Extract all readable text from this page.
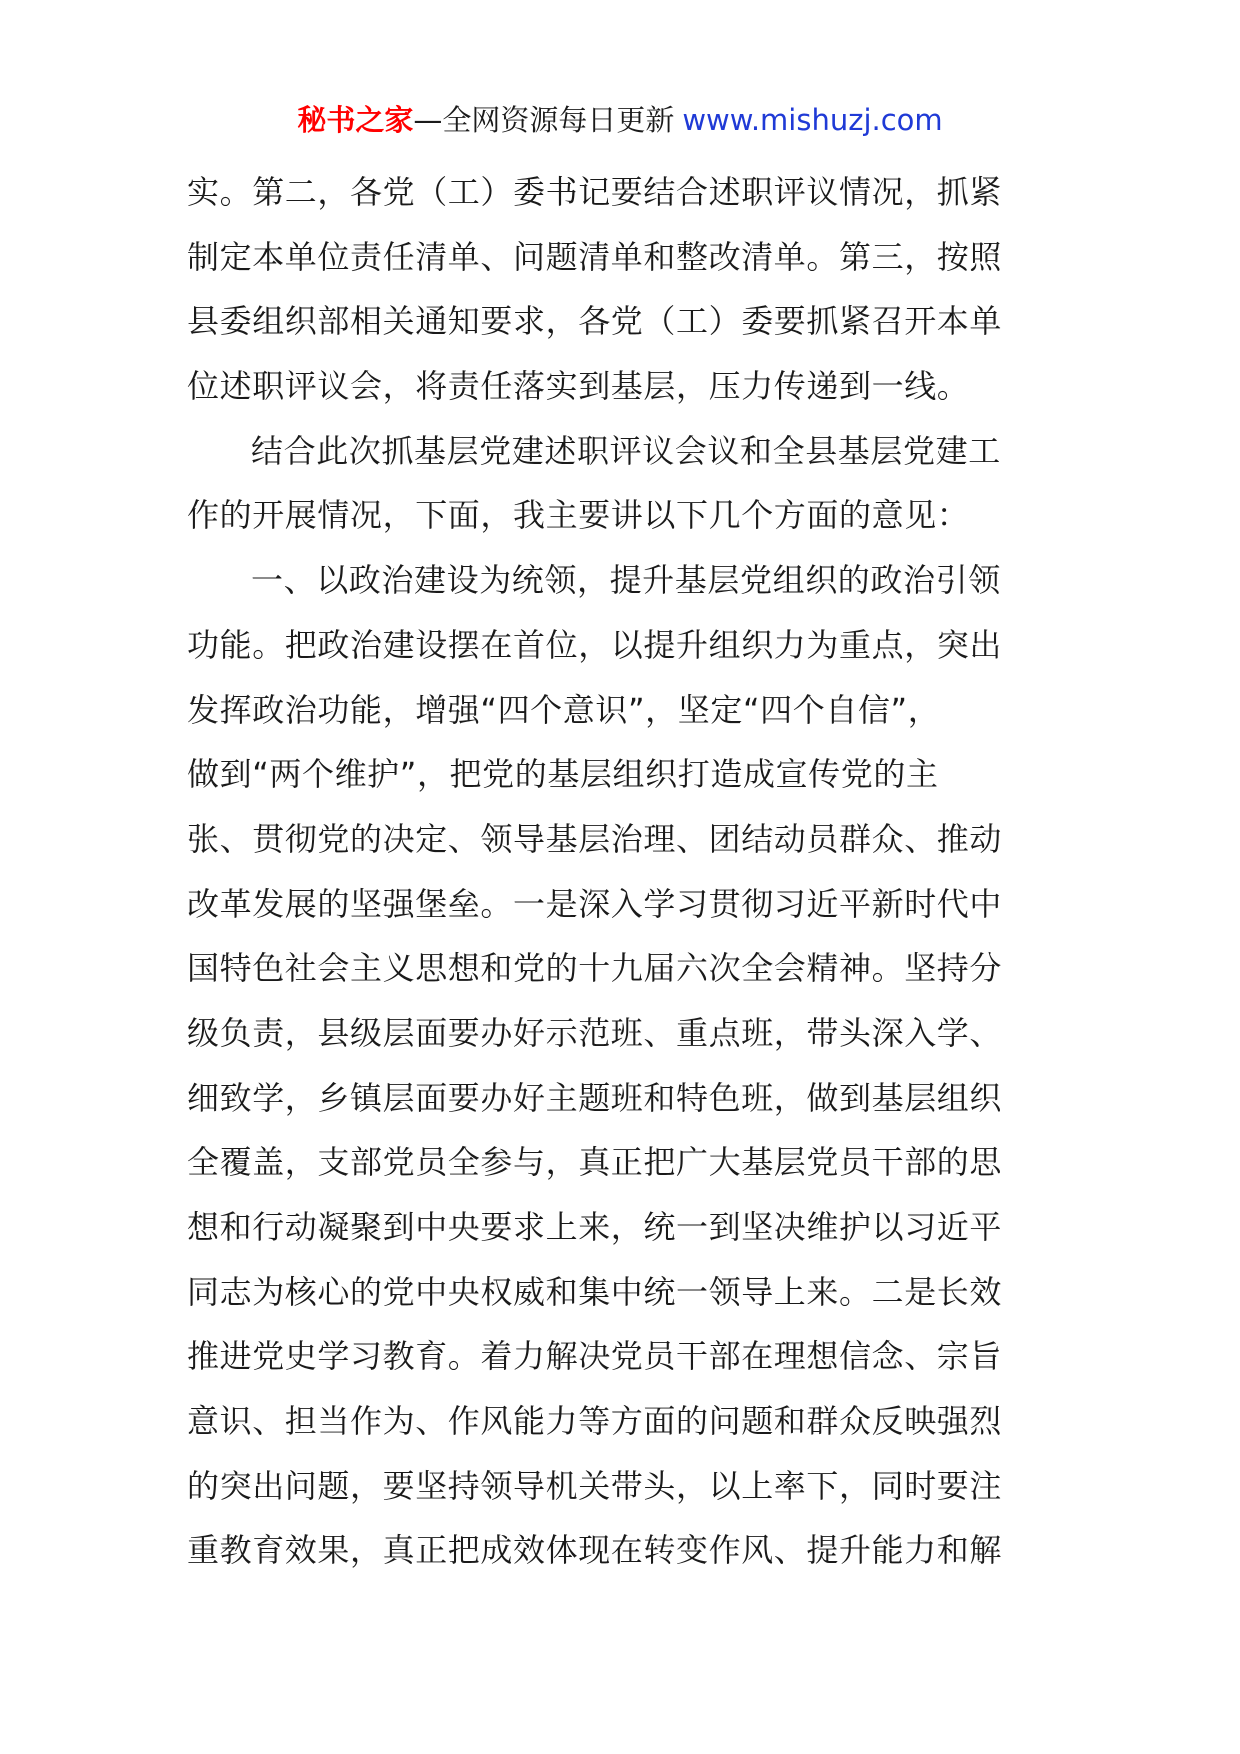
秘书之家—全网资源每日更新 www.mishuzj.com
实。第二，各党（工）委书记要结合述职评议情况，抓紧
制定本单位责任清单、问题清单和整改清单。第三，按照
县委组织部相关通知要求，各党（工）委要抓紧召开本单
位述职评议会，将责任落实到基层，压力传递到一线。
结合此次抓基层党建述职评议会议和全县基层党建工
作的开展情况，下面，我主要讲以下几个方面的意见：
一、以政治建设为统领，提升基层党组织的政治引领
功能。把政治建设摆在首位，以提升组织力为重点，突出
发挥政治功能，增强“四个意识”，坚定“四个自信”，
做到“两个维护”，把党的基层组织打造成宣传党的主
张、贯彻党的决定、领导基层治理、团结动员群众、推动
改革发展的坚强堡垒。一是深入学习贯彻习近平新时代中
国特色社会主义思想和党的十九届六次全会精神。坚持分
级负责，县级层面要办好示范班、重点班，带头深入学、
细致学，乡镇层面要办好主题班和特色班，做到基层组织
全覆盖，支部党员全参与，真正把广大基层党员干部的思
想和行动凝聚到中央要求上来，统一到坚决维护以习近平
同志为核心的党中央权威和集中统一领导上来。二是长效
推进党史学习教育。着力解决党员干部在理想信念、宗旨
意识、担当作为、作风能力等方面的问题和群众反映强烈
的突出问题，要坚持领导机关带头，以上率下，同时要注
重教育效果，真正把成效体现在转变作风、提升能力和解
